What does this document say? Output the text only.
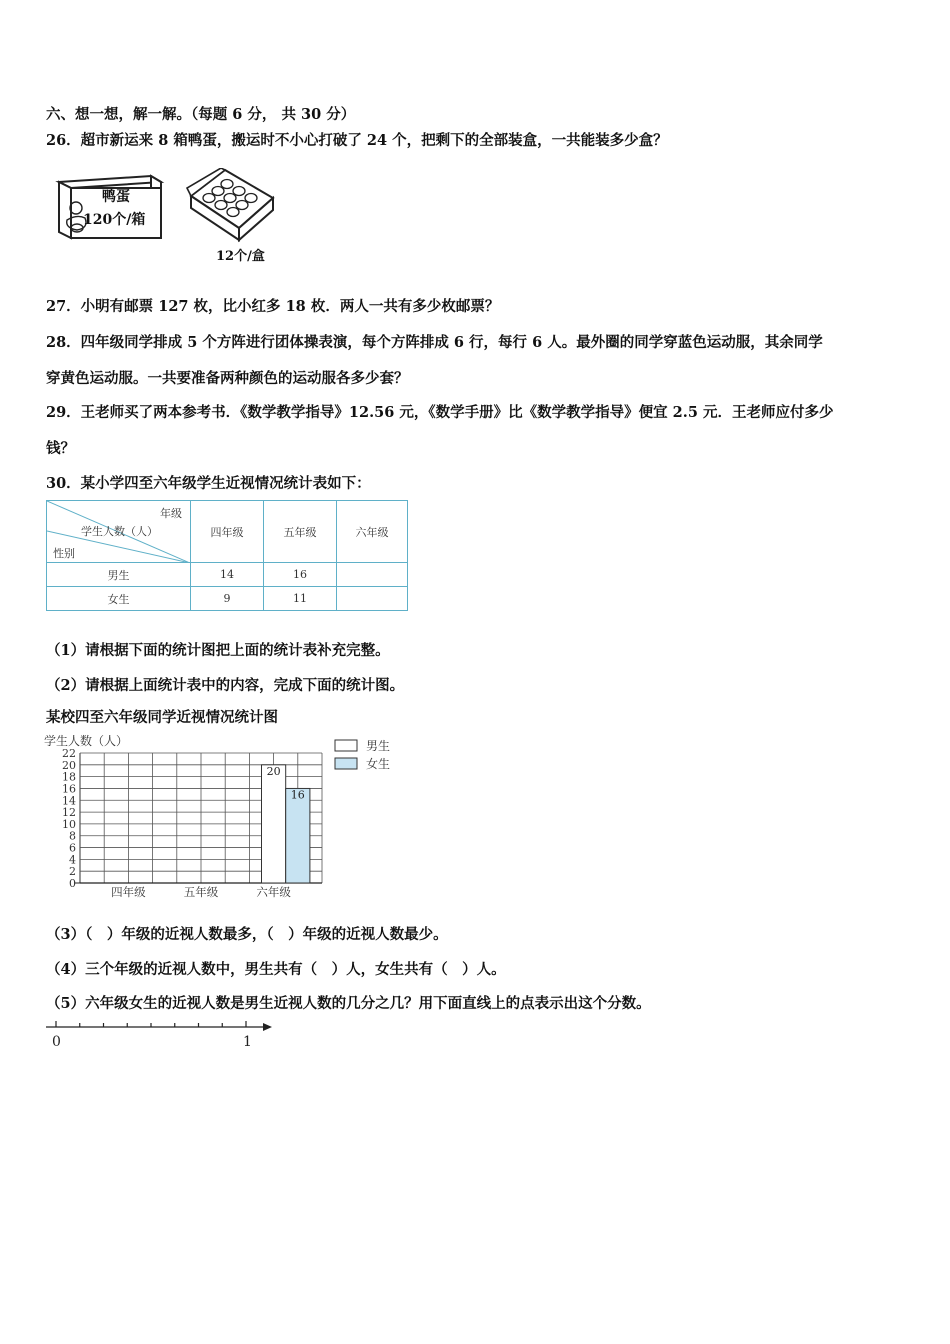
六、想一想，解一解。（每题 6 分， 共 30 分）
26．超市新运来 8 箱鸭蛋，搬运时不小心打破了 24 个，把剩下的全部装盒，一共能装多少盒？
鸭蛋
120个/箱
12个/盒
27．小明有邮票 127 枚，比小红多 18 枚．两人一共有多少枚邮票？
28．四年级同学排成 5 个方阵进行团体操表演，每个方阵排成 6 行，每行 6 人。最外圈的同学穿蓝色运动服，其余同学
穿黄色运动服。一共要准备两种颜色的运动服各多少套？
29．王老师买了两本参考书．《数学教学指导》12.56 元，《数学手册》比《数学教学指导》便宜 2.5 元．王老师应付多少
钱？
30．某小学四至六年级学生近视情况统计表如下：
年级
学生人数（人）
性别	四年级	五年级	六年级
男生	14	16	
女生	9	11	
（1）请根据下面的统计图把上面的统计表补充完整。
（2）请根据上面统计表中的内容，完成下面的统计图。
某校四至六年级同学近视情况统计图
学生人数（人）
20
16
0
2
4
6
8
10
12
14
16
18
20
22
四年级	五年级	六年级
男生
女生
（3）（　）年级的近视人数最多，（　）年级的近视人数最少。
（4）三个年级的近视人数中，男生共有（　）人，女生共有（　）人。
（5）六年级女生的近视人数是男生近视人数的几分之几？用下面直线上的点表示出这个分数。
0	1
